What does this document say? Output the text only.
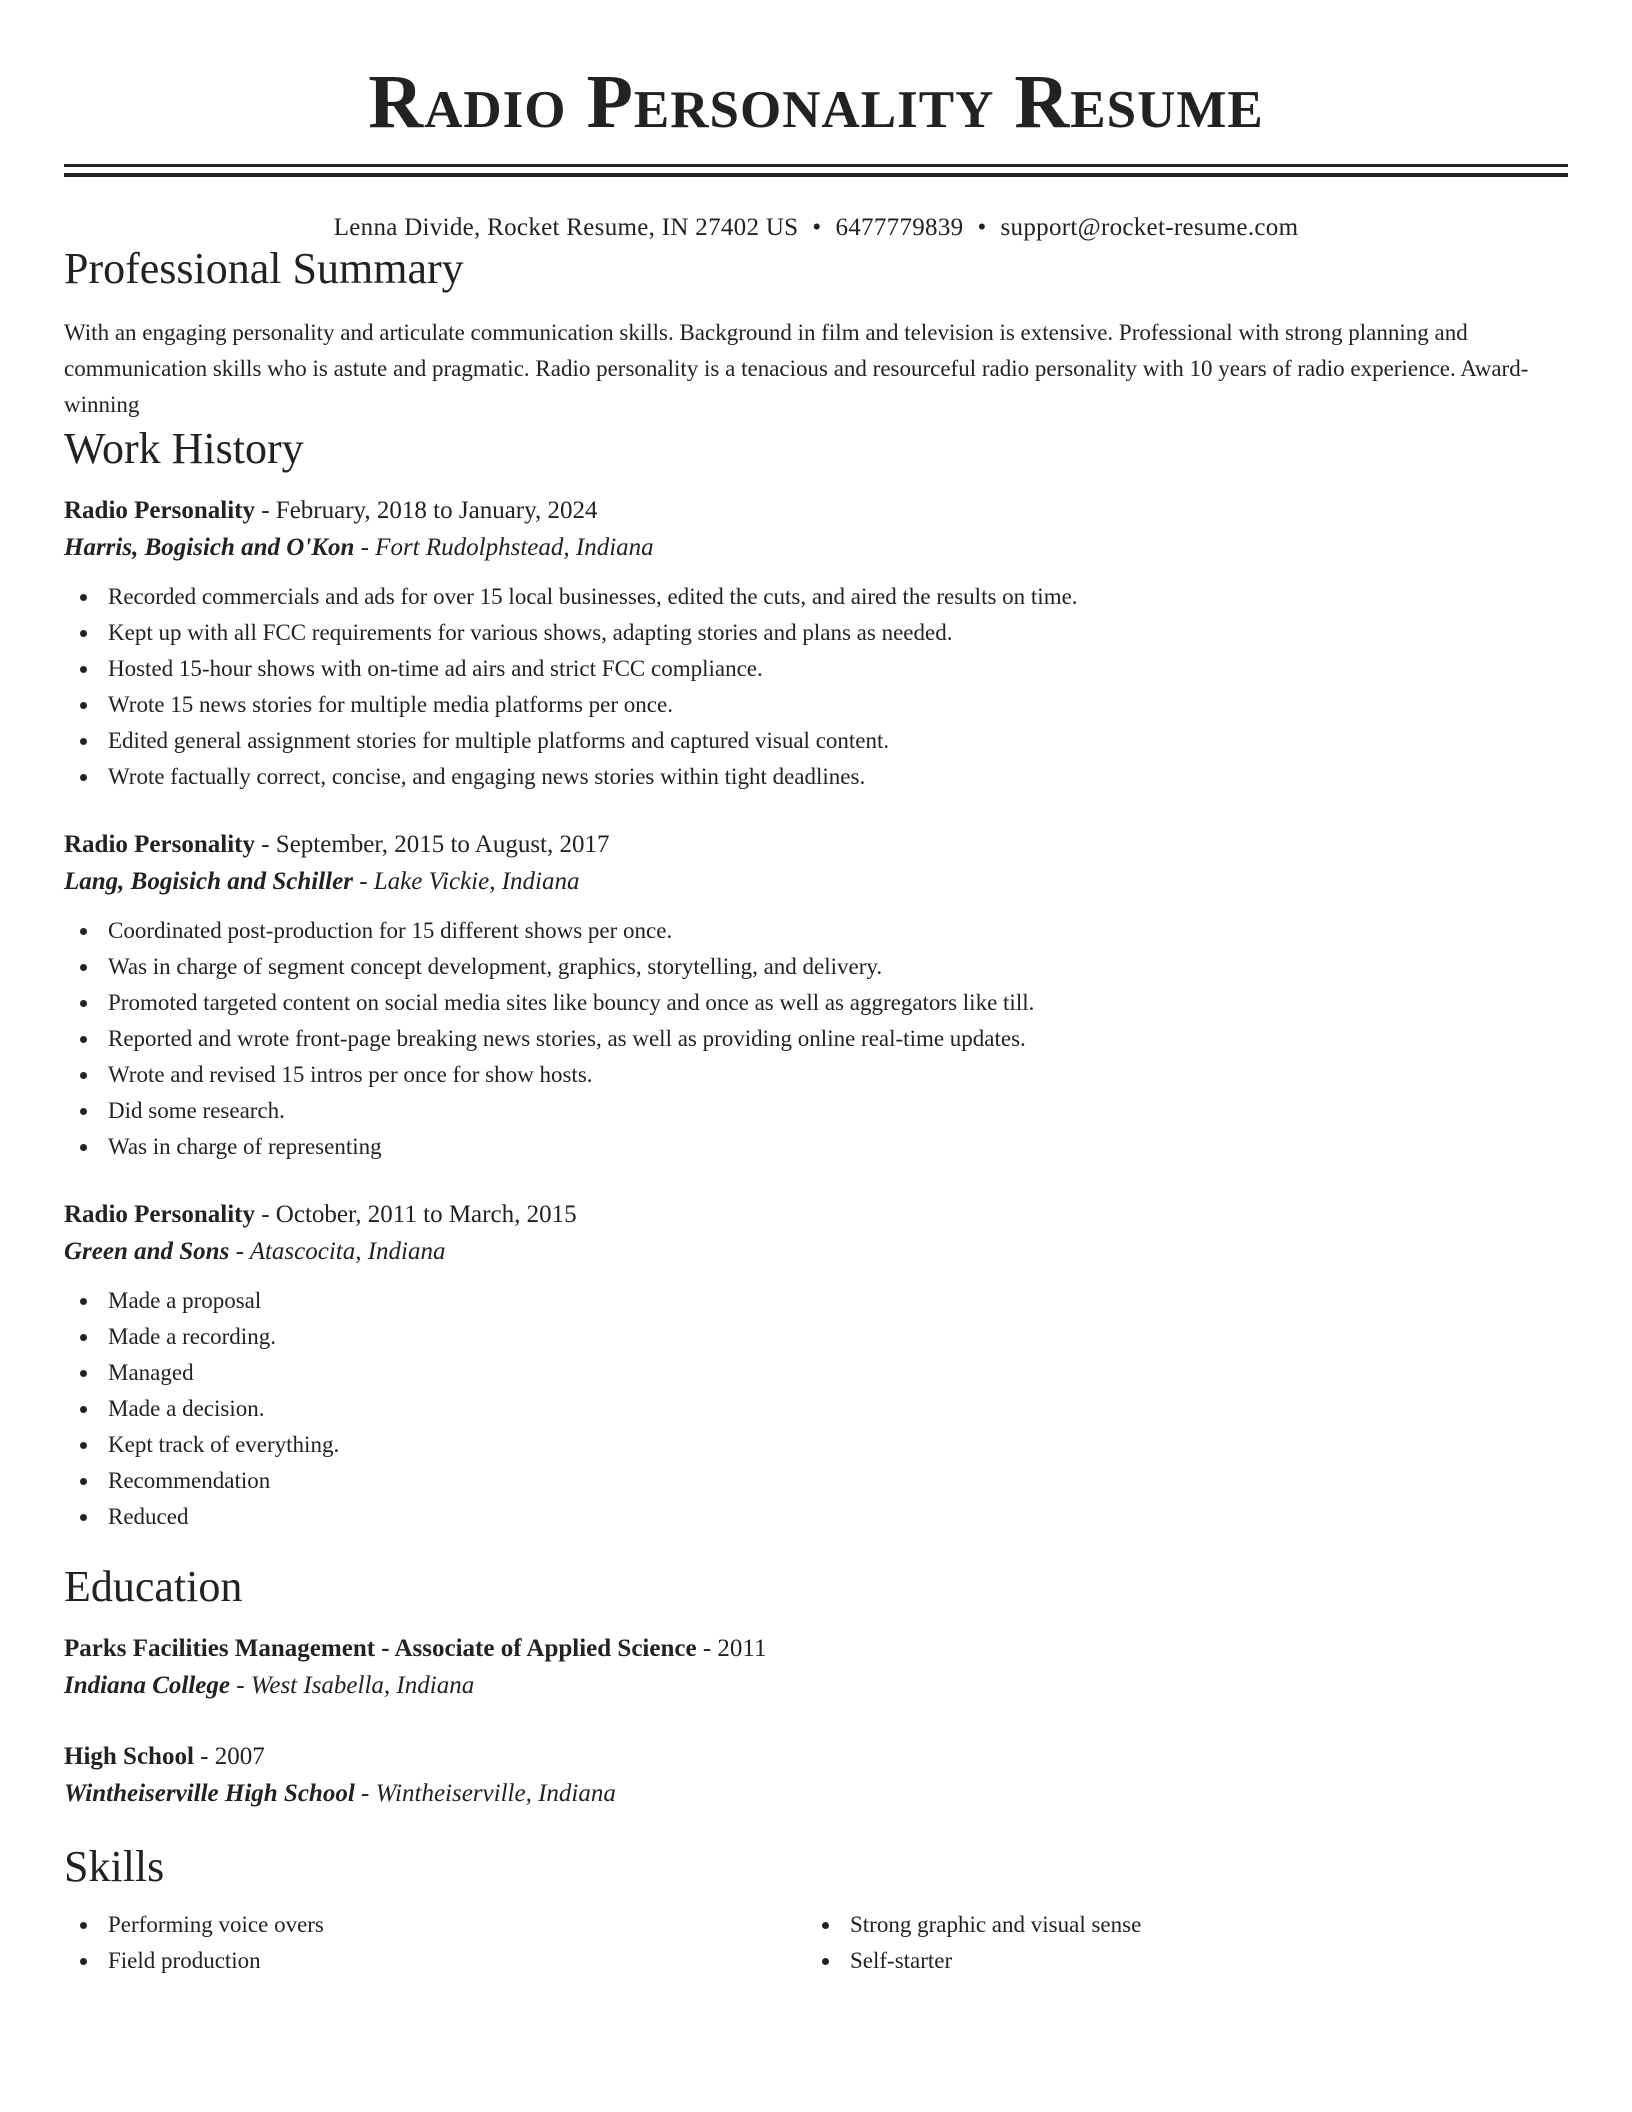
Radio Personality Resume
Lenna Divide, Rocket Resume, IN 27402 US • 6477779839 • support@rocket-resume.com
Professional Summary
With an engaging personality and articulate communication skills. Background in film and television is extensive. Professional with strong planning and communication skills who is astute and pragmatic. Radio personality is a tenacious and resourceful radio personality with 10 years of radio experience. Award-winning
Work History
Radio Personality - February, 2018 to January, 2024
Harris, Bogisich and O'Kon - Fort Rudolphstead, Indiana
Recorded commercials and ads for over 15 local businesses, edited the cuts, and aired the results on time.
Kept up with all FCC requirements for various shows, adapting stories and plans as needed.
Hosted 15-hour shows with on-time ad airs and strict FCC compliance.
Wrote 15 news stories for multiple media platforms per once.
Edited general assignment stories for multiple platforms and captured visual content.
Wrote factually correct, concise, and engaging news stories within tight deadlines.
Radio Personality - September, 2015 to August, 2017
Lang, Bogisich and Schiller - Lake Vickie, Indiana
Coordinated post-production for 15 different shows per once.
Was in charge of segment concept development, graphics, storytelling, and delivery.
Promoted targeted content on social media sites like bouncy and once as well as aggregators like till.
Reported and wrote front-page breaking news stories, as well as providing online real-time updates.
Wrote and revised 15 intros per once for show hosts.
Did some research.
Was in charge of representing
Radio Personality - October, 2011 to March, 2015
Green and Sons - Atascocita, Indiana
Made a proposal
Made a recording.
Managed
Made a decision.
Kept track of everything.
Recommendation
Reduced
Education
Parks Facilities Management - Associate of Applied Science - 2011
Indiana College - West Isabella, Indiana
High School - 2007
Wintheiserville High School - Wintheiserville, Indiana
Skills
Performing voice overs
Field production
Strong graphic and visual sense
Self-starter
